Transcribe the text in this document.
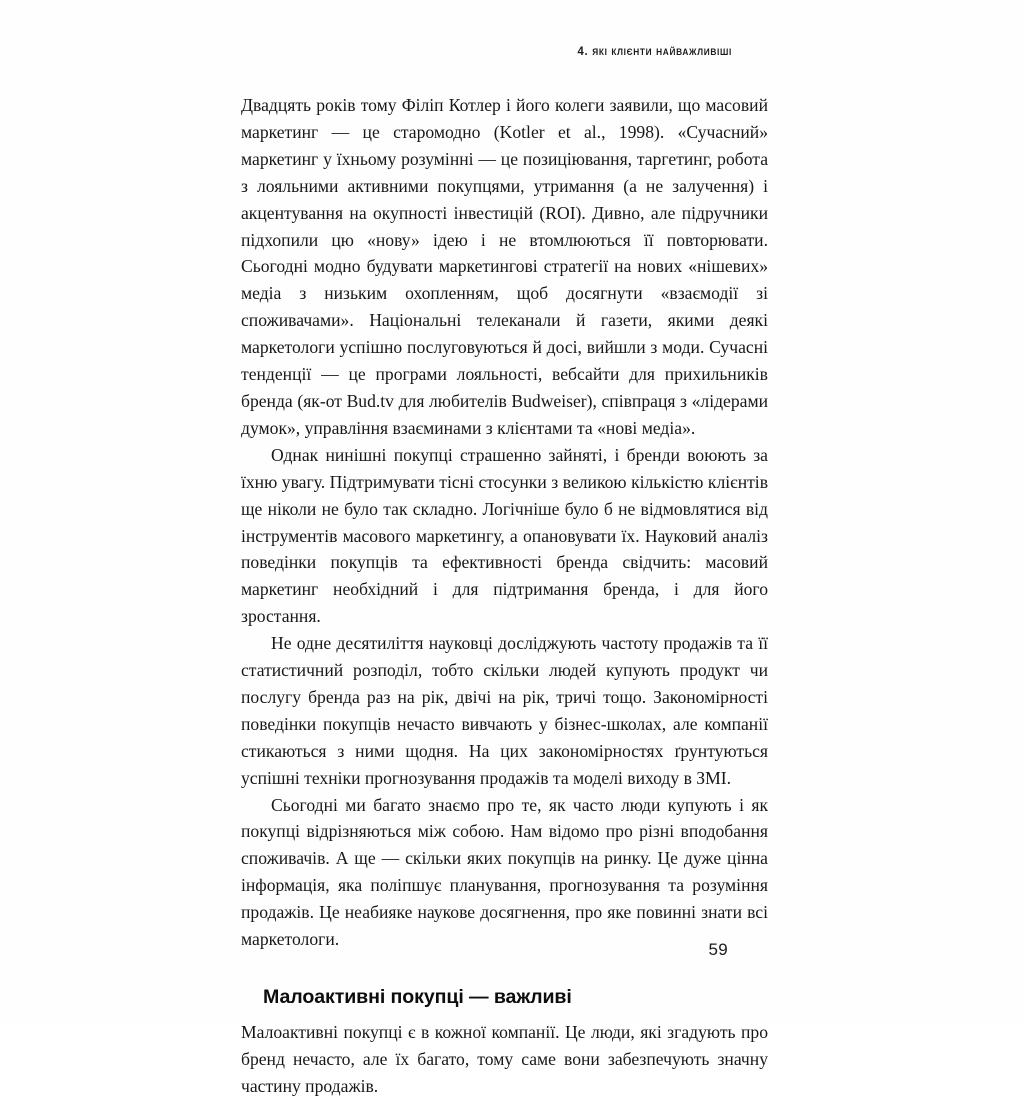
4. які клієнти найважливіші

Двадцять років тому Філіп Котлер і його колеги заявили, що масовий маркетинг — це старомодно (Kotler et al., 1998). «Сучасний» маркетинг у їхньому розумінні — це позиціювання, таргетинг, робота з лояльними активними покупцями, утримання (а не залучення) і акцентування на окупності інвестицій (ROI). Дивно, але підручники підхопили цю «нову» ідею і не втомлюються її повторювати. Сьогодні модно будувати маркетингові стратегії на нових «нішевих» медіа з низьким охопленням, щоб досягнути «взаємодії зі споживачами». Національні телеканали й газети, якими деякі маркетологи успішно послуговуються й досі, вийшли з моди. Сучасні тенденції — це програми лояльності, вебсайти для прихильників бренда (як-от Bud.tv для любителів Budweiser), співпраця з «лідерами думок», управління взаєминами з клієнтами та «нові медіа».

Однак нинішні покупці страшенно зайняті, і бренди воюють за їхню увагу. Підтримувати тісні стосунки з великою кількістю клієнтів ще ніколи не було так складно. Логічніше було б не відмовлятися від інструментів масового маркетингу, а опановувати їх. Науковий аналіз поведінки покупців та ефективності бренда свідчить: масовий маркетинг необхідний і для підтримання бренда, і для його зростання.

Не одне десятиліття науковці досліджують частоту продажів та її статистичний розподіл, тобто скільки людей купують продукт чи послугу бренда раз на рік, двічі на рік, тричі тощо. Закономірності поведінки покупців нечасто вивчають у бізнес-школах, але компанії стикаються з ними щодня. На цих закономірностях ґрунтуються успішні техніки прогнозування продажів та моделі виходу в ЗМІ.

Сьогодні ми багато знаємо про те, як часто люди купують і як покупці відрізняються між собою. Нам відомо про різні вподобання споживачів. А ще — скільки яких покупців на ринку. Це дуже цінна інформація, яка поліпшує планування, прогнозування та розуміння продажів. Це неабияке наукове досягнення, про яке повинні знати всі маркетологи.

Малоактивні покупці — важливі

Малоактивні покупці є в кожної компанії. Це люди, які згадують про бренд нечасто, але їх багато, тому саме вони забезпечують значну частину продажів.

59
